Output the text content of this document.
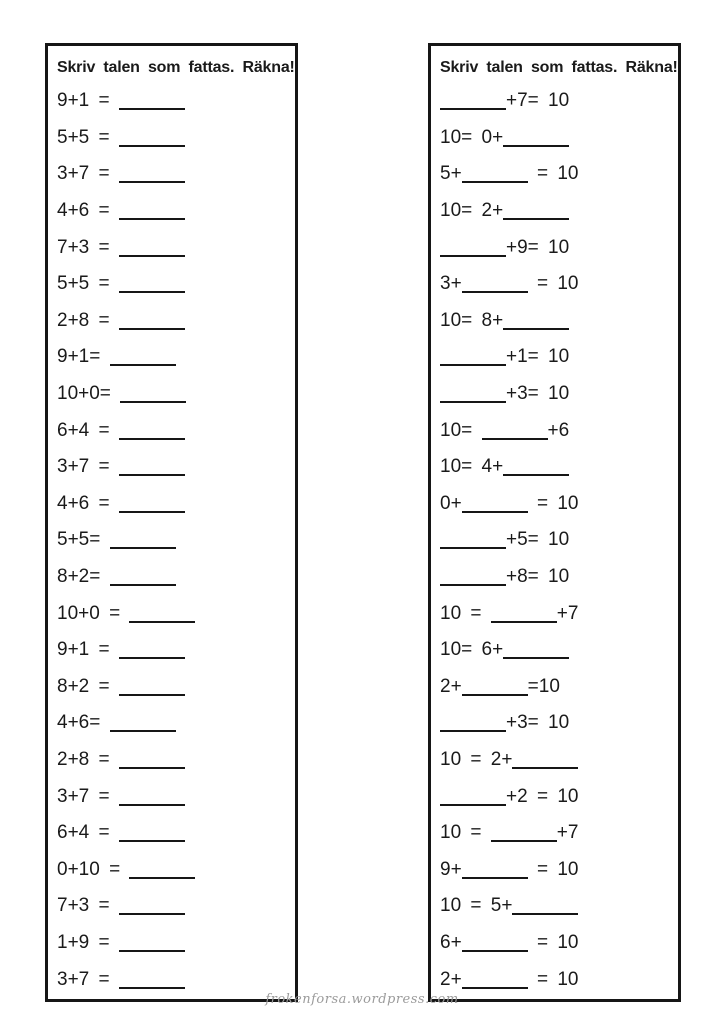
Skriv talen som fattas. Räkna!
9+1 =
5+5 =
3+7 =
4+6 =
7+3 =
5+5 =
2+8 =
9+1=
10+0=
6+4 =
3+7 =
4+6 =
5+5=
8+2=
10+0 =
9+1 =
8+2 =
4+6=
2+8 =
3+7 =
6+4 =
0+10 =
7+3 =
1+9 =
3+7 =
Skriv talen som fattas. Räkna!
+7= 10
10= 0+
5+	= 10
10= 2+
+9= 10
3+	= 10
10= 8+
+1= 10
+3= 10
10=	+6
10= 4+
0+	= 10
+5= 10
+8= 10
10 =	+7
10= 6+
2+	=10
+3= 10
10 = 2+
+2 = 10
10 =	+7
9+	= 10
10 = 5+
6+	= 10
2+	= 10
frokenforsa.wordpress.com
